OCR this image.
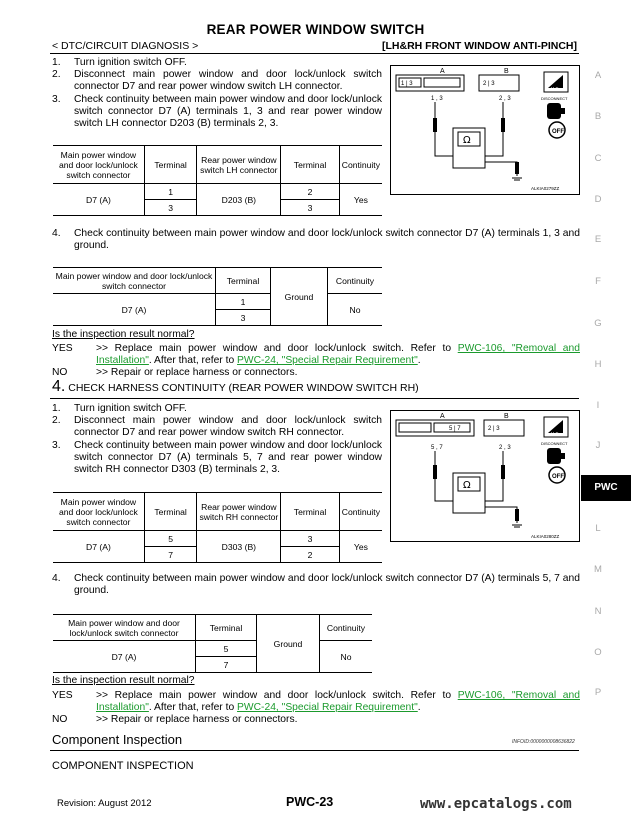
REAR POWER WINDOW SWITCH
< DTC/CIRCUIT DIAGNOSIS >	[LH&RH FRONT WINDOW ANTI-PINCH]
1.	Turn ignition switch OFF.
2.	Disconnect main power window and door lock/unlock switch connector D7 and rear power window switch LH connector.
3.	Check continuity between main power window and door lock/unlock switch connector D7 (A) terminals 1, 3 and rear power window switch LH connector D203 (B) terminals 2, 3.
A	B
1 | 3	2 | 3
1 , 3	2 , 3
Ω
ALKIA0279ZZ
H.S.
DISCONNECT
OFF
Main power window and door lock/unlock switch connector	Terminal	Rear power window switch LH connector	Terminal	Continuity
D7 (A)	1	D203 (B)	2	Yes
	3		3	
4.	Check continuity between main power window and door lock/unlock switch connector D7 (A) terminals 1, 3 and ground.
Main power window and door lock/unlock switch connector	Terminal	Ground	Continuity
D7 (A)	1		No
	3		
Is the inspection result normal?
YES	>> Replace main power window and door lock/unlock switch. Refer to PWC-106, "Removal and Installation". After that, refer to PWC-24, "Special Repair Requirement".
NO	>> Repair or replace harness or connectors.
4. CHECK HARNESS CONTINUITY (REAR POWER WINDOW SWITCH RH)
1.	Turn ignition switch OFF.
2.	Disconnect main power window and door lock/unlock switch connector D7 and rear power window switch RH connector.
3.	Check continuity between main power window and door lock/unlock switch connector D7 (A) terminals 5, 7 and rear power window switch RH connector D303 (B) terminals 2, 3.
A	B
5 | 7	2 | 3
5 , 7	2 , 3
Ω
ALKIA0280ZZ
H.S.
DISCONNECT
OFF
Main power window and door lock/unlock switch connector	Terminal	Rear power window switch RH connector	Terminal	Continuity
D7 (A)	5	D303 (B)	3	Yes
	7		2	
4.	Check continuity between main power window and door lock/unlock switch connector D7 (A) terminals 5, 7 and ground.
Main power window and door lock/unlock switch connector	Terminal	Ground	Continuity
D7 (A)	5		No
	7		
Is the inspection result normal?
YES	>> Replace main power window and door lock/unlock switch. Refer to PWC-106, "Removal and Installation". After that, refer to PWC-24, "Special Repair Requirement".
NO	>> Repair or replace harness or connectors.
Component Inspection	INFOID:0000000008636822
COMPONENT INSPECTION
A
B
C
D
E
F
G
H
I
J
PWC
L
M
N
O
P
Revision: August 2012	PWC-23	www.epcatalogs.com
